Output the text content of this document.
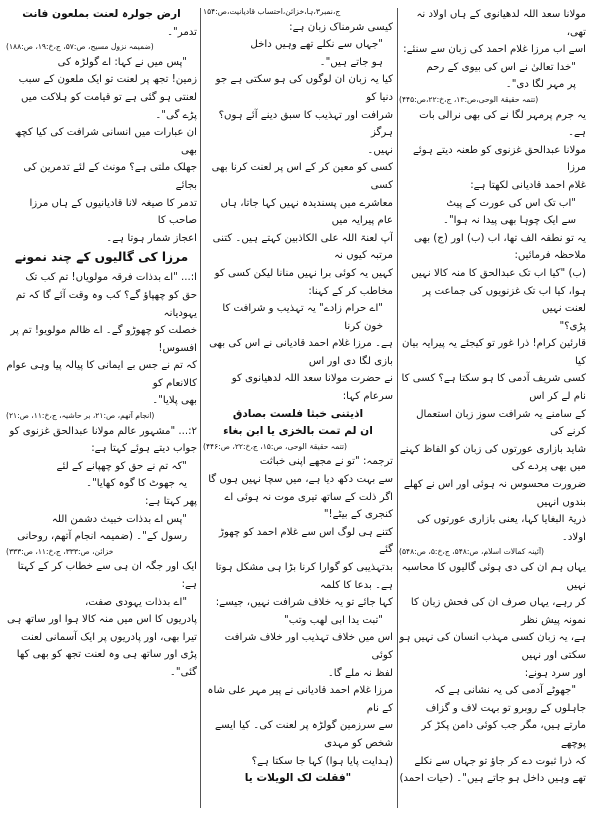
مولانا سعد اللہ لدھیانوی کے ہاں اولاد نہ تھی،

اسے اب مرزا غلام احمد کی زبان سے سنئے:

"خدا تعالیٰ نے اس کی بیوی کے رحم

پر مہر لگا دی"۔

(تتمہ حقیقۃ الوحی،ص:۱۳، ج،خ:۲۲،ص:۴۴۵)

یہ جرم پرمہر لگا نے کی بھی نرالی بات ہے۔

مولانا عبدالحق غزنوی کو طعنہ دیتے ہوئے مرزا

غلام احمد قادیانی لکھتا ہے:

"اب تک اس کی عورت کے پیٹ

سے ایک چوہا بھی پیدا نہ ہوا"۔

یہ تو نطفہ الف تھا، اب (ب) اور (ج) بھی

ملاحظہ فرمائیں:

(ب) "کیا اب تک عبدالحق کا منہ کالا نہیں

ہوا، کیا اب تک غزنویوں کی جماعت پر لعنت نہیں

پڑی؟"

قارئین کرام! ذرا غور تو کیجئے یہ پیرایہ بیان کیا

کسی شریف آدمی کا ہو سکتا ہے؟ کسی کا نام لے کر اس

کے سامنے یہ شرافت سوز زبان استعمال کرنے کی

شاید بازاری عورتوں کی زبان کو الفاظ کہنے میں بھی پردے کی

ضرورت محسوس نہ ہوئی اور اس نے کھلے بندوں انہیں

ذریۃ البغایا کہا، یعنی بازاری عورتوں کی اولاد۔

(آئینہ کمالات اسلام، ص:۵۴۸، ج،خ:۵، ص:۵۴۸)

یہاں ہم ان کی دی ہوئی گالیوں کا محاسبہ نہیں

کر رہے، یہاں صرف ان کی فحش زبان کا نمونہ پیش نظر

ہے، یہ زبان کسی مہذب انسان کی نہیں ہو سکتی اور نہیں

اور سرد ہونے:

"جھوٹے آدمی کی یہ نشانی ہے کہ

جاہلوں کے روبرو تو بہت لاف و گزاف

مارتے ہیں، مگر جب کوئی دامن پکڑ کر پوچھے

کہ ذرا ثبوت دے کر جاؤ تو جہاں سے نکلے

تھے وہیں داخل ہو جاتے ہیں"۔ (حیات احمد)

ج،نمبر۳،ہا،خزائن،احتساب قادیانیت،ص:۱۵۴

کیسی شرمناک زبان ہے:

"جہاں سے نکلے تھے وہیں داخل

ہو جاتے ہیں"۔

کیا یہ زبان ان لوگوں کی ہو سکتی ہے جو دنیا کو

شرافت اور تہذیب کا سبق دینے آئے ہوں؟ ہرگز

نہیں۔

کسی کو معین کر کے اس پر لعنت کرنا بھی کسی

معاشرے میں پسندیدہ نہیں کہا جاتا، ہاں عام پیرایہ میں

آپ لعنۃ اللہ علی الکاذبین کہتے ہیں۔ کتنی مرتبہ کیوں نہ

کہیں یہ کوئی برا نہیں منانا لیکن کسی کو مخاطب کر کے کہنا:

"اے حرام زادے" یہ تہذیب و شرافت کا خون کرنا

ہے۔ مرزا غلام احمد قادیانی نے اس کی بھی بازی لگا دی اور اس

نے حضرت مولانا سعد اللہ لدھیانوی کو سرعام کہا:

اذیتنی خبثا فلست بصادق

ان لم تمت بالخزی یا ابن بغاء

(تتمہ حقیقۃ الوحی، ص:۱۵، ج،خ:۲۲، ص:۴۴۶)

ترجمہ: "تو نے مجھے اپنی خباثت

سے بہت دکھ دیا ہے، میں سچا نہیں ہوں گا

اگر ذلت کے ساتھ تیری موت نہ ہوئی اے

کنجری کے بیٹے!"

کتنے ہی لوگ اس سے غلام احمد کو چھوڑ گئے

بدتہذیبی کو گوارا کرنا بڑا ہی مشکل ہوتا ہے۔ بدعا کا کلمہ

کہا جائے تو یہ خلاف شرافت نہیں، جیسے:

"تبت یدا ابی لھب وتب"

اس میں خلاف تہذیب اور خلاف شرافت کوئی

لفظ نہ ملے گا۔

مرزا غلام احمد قادیانی نے پیر مہر علی شاہ کے نام

سے سرزمین گولڑہ پر لعنت کی۔ کیا ایسے شخص کو مہدی

(ہدایت پایا ہوا) کہا جا سکتا ہے؟

"فقلت لک الویلات یا

ارض جولرہ لعنت بملعون فانت

تدمر"۔

(ضمیمہ نزول مسیح، ص:۵۷، ج،خ:۱۹، ص:۱۸۸)

"پس میں نے کہا: اے گولڑہ کی

زمین! تجھ پر لعنت تو ایک ملعون کے سبب

لعنتی ہو گئی ہے تو قیامت کو ہلاکت میں

پڑے گی"۔

ان عبارات میں انسانی شرافت کی کیا کچھ بھی

جھلک ملتی ہے؟ مونث کے لئے تدمرین کی بجائے

تدمر کا صیغہ لانا قادیانیوں کے ہاں مرزا صاحب کا

اعجاز شمار ہوتا ہے۔

مرزا کی گالیوں کے چند نمونے

ا:... "اے بدذات فرقہ مولویاں! تم کب تک

حق کو چھپاؤ گے؟ کب وہ وقت آئے گا کہ تم یہودیانہ

خصلت کو چھوڑو گے۔ اے ظالم مولویو! تم پر افسوس!

کہ تم نے جس بے ایمانی کا پیالہ پیا وہی عوام کالانعام کو

بھی پلایا"۔

(انجام آتھم، ص:۲۱، بر حاشیہ، ج،خ:۱۱، ص:۲۱)

۲:... "مشہور عالم مولانا عبدالحق غزنوی کو

جواب دیتے ہوئے کہتا ہے:

"کہ تم نے حق کو چھپانے کے لئے

یہ جھوٹ کا گوہ کھایا"۔

پھر کہتا ہے:

"پس اے بدذات خبیث دشمن اللہ

رسول کے"۔ (ضمیمہ انجام آتھم، روحانی

خزائن، ص:۳۳۳، ج،خ:۱۱، ص:۳۳۳)

ایک اور جگہ ان ہی سے خطاب کر کے کہتا ہے:

"اے بدذات یہودی صفت،

پادریوں کا اس میں منہ کالا ہوا اور ساتھ ہی

تیرا بھی، اور پادریوں پر ایک آسمانی لعنت

پڑی اور ساتھ ہی وہ لعنت تجھ کو بھی کھا گئی"۔
